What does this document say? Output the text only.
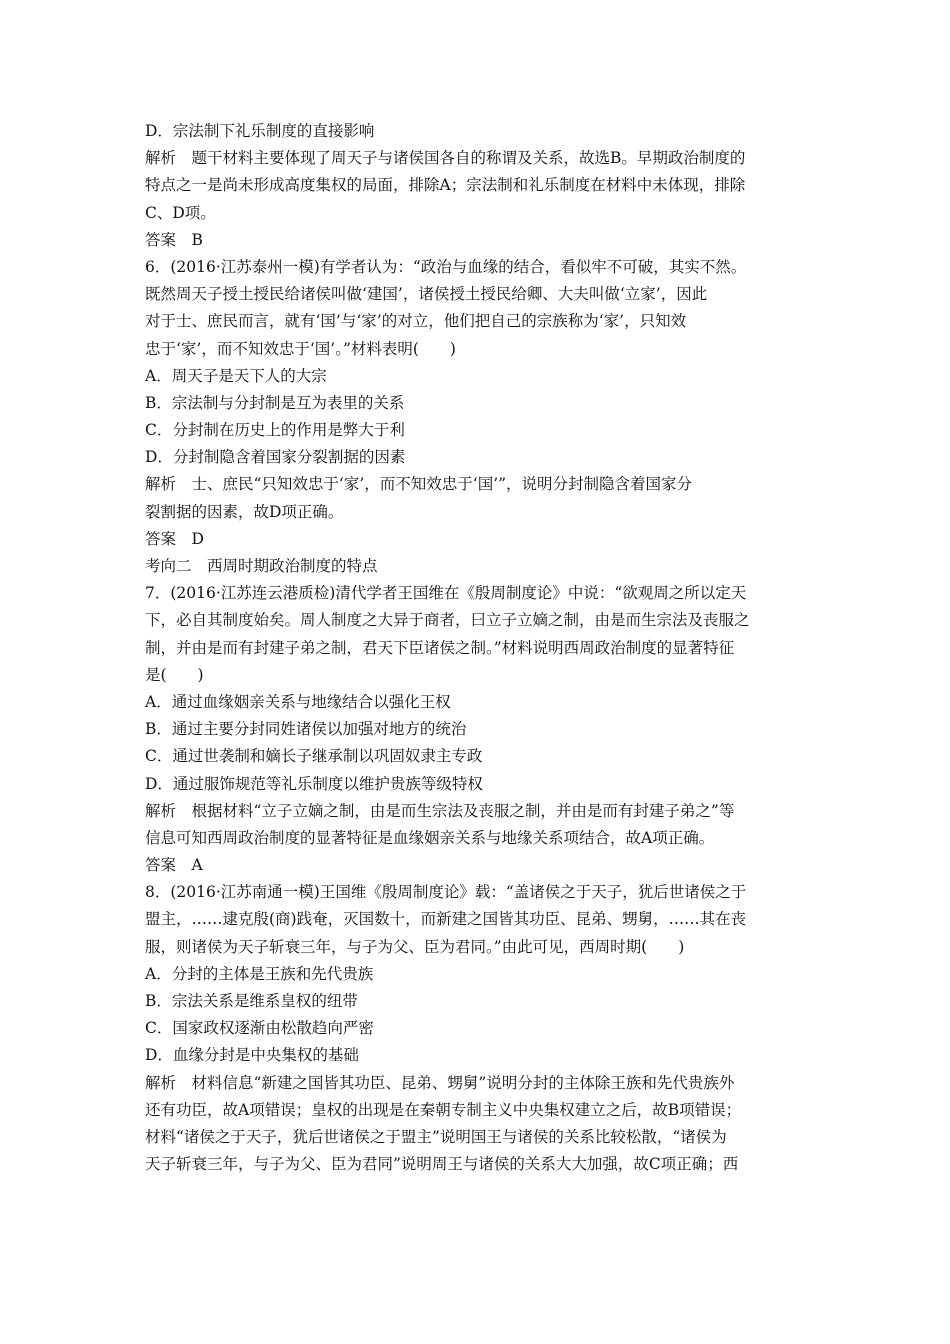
D．宗法制下礼乐制度的直接影响
解析　题干材料主要体现了周天子与诸侯国各自的称谓及关系，故选B。早期政治制度的
特点之一是尚未形成高度集权的局面，排除A；宗法制和礼乐制度在材料中未体现，排除
C、D项。
答案　B
6．(2016·江苏泰州一模)有学者认为：“政治与血缘的结合，看似牢不可破，其实不然。
既然周天子授土授民给诸侯叫做‘建国’，诸侯授土授民给卿、大夫叫做‘立家’，因此
对于士、庶民而言，就有‘国’与‘家’的对立，他们把自己的宗族称为‘家’，只知效
忠于‘家’，而不知效忠于‘国’。”材料表明(　　)
A．周天子是天下人的大宗
B．宗法制与分封制是互为表里的关系
C．分封制在历史上的作用是弊大于利
D．分封制隐含着国家分裂割据的因素
解析　士、庶民“只知效忠于‘家’，而不知效忠于‘国’”，说明分封制隐含着国家分
裂割据的因素，故D项正确。
答案　D
考向二　西周时期政治制度的特点
7．(2016·江苏连云港质检)清代学者王国维在《殷周制度论》中说：“欲观周之所以定天
下，必自其制度始矣。周人制度之大异于商者，曰立子立嫡之制，由是而生宗法及丧服之
制，并由是而有封建子弟之制，君天下臣诸侯之制。”材料说明西周政治制度的显著特征
是(　　)
A．通过血缘姻亲关系与地缘结合以强化王权
B．通过主要分封同姓诸侯以加强对地方的统治
C．通过世袭制和嫡长子继承制以巩固奴隶主专政
D．通过服饰规范等礼乐制度以维护贵族等级特权
解析　根据材料“立子立嫡之制，由是而生宗法及丧服之制，并由是而有封建子弟之”等
信息可知西周政治制度的显著特征是血缘姻亲关系与地缘关系项结合，故A项正确。
答案　A
8．(2016·江苏南通一模)王国维《殷周制度论》载：“盖诸侯之于天子，犹后世诸侯之于
盟主，……逮克殷(商)践奄，灭国数十，而新建之国皆其功臣、昆弟、甥舅，……其在丧
服，则诸侯为天子斩衰三年，与子为父、臣为君同。”由此可见，西周时期(　　)
A．分封的主体是王族和先代贵族
B．宗法关系是维系皇权的纽带
C．国家政权逐渐由松散趋向严密
D．血缘分封是中央集权的基础
解析　材料信息“新建之国皆其功臣、昆弟、甥舅”说明分封的主体除王族和先代贵族外
还有功臣，故A项错误；皇权的出现是在秦朝专制主义中央集权建立之后，故B项错误；
材料“诸侯之于天子，犹后世诸侯之于盟主”说明国王与诸侯的关系比较松散，“诸侯为
天子斩衰三年，与子为父、臣为君同”说明周王与诸侯的关系大大加强，故C项正确；西
